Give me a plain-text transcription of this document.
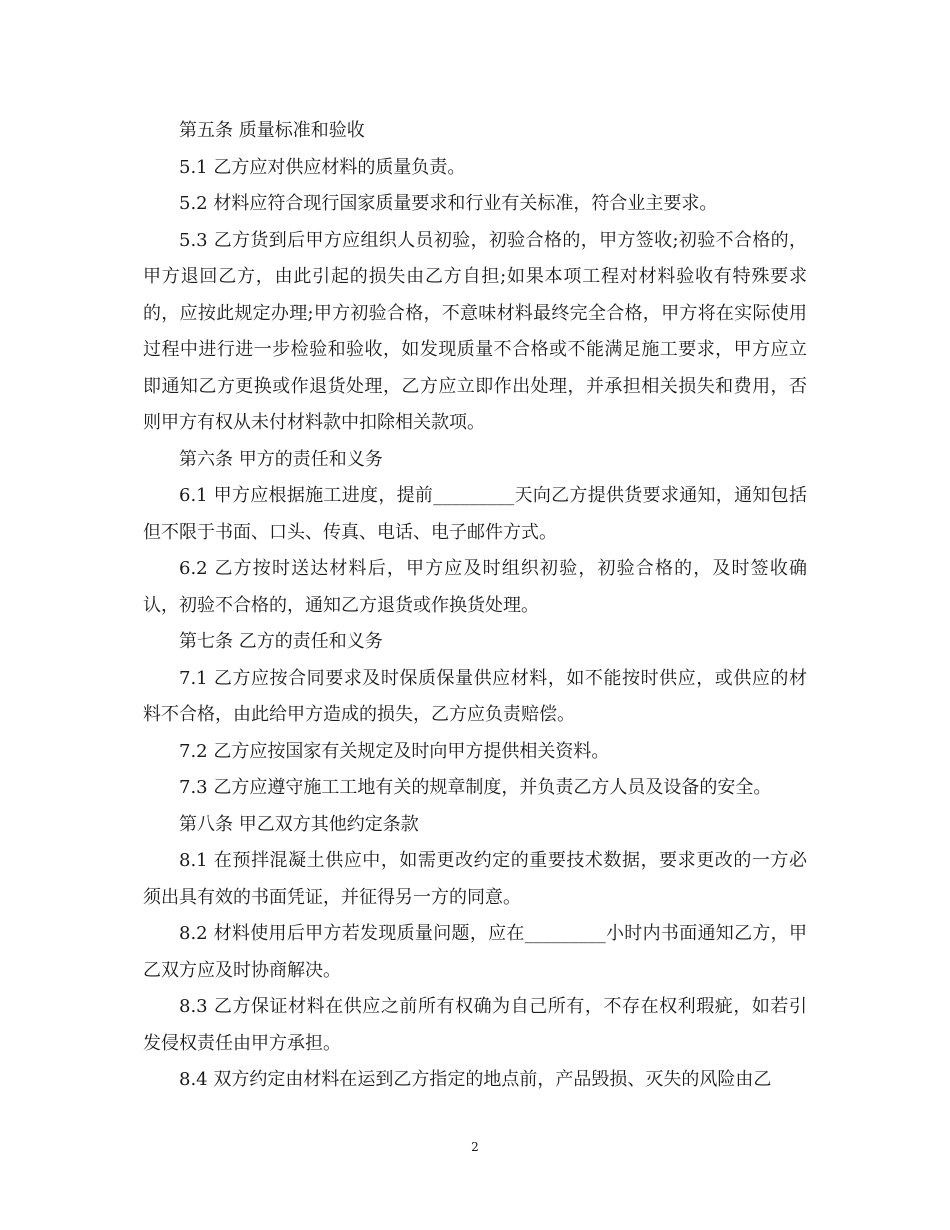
第五条 质量标准和验收

5.1 乙方应对供应材料的质量负责。

5.2 材料应符合现行国家质量要求和行业有关标准，符合业主要求。

5.3 乙方货到后甲方应组织人员初验，初验合格的，甲方签收;初验不合格的，甲方退回乙方，由此引起的损失由乙方自担;如果本项工程对材料验收有特殊要求的，应按此规定办理;甲方初验合格，不意味材料最终完全合格，甲方将在实际使用过程中进行进一步检验和验收，如发现质量不合格或不能满足施工要求，甲方应立即通知乙方更换或作退货处理，乙方应立即作出处理，并承担相关损失和费用，否则甲方有权从未付材料款中扣除相关款项。

第六条 甲方的责任和义务

6.1 甲方应根据施工进度，提前_________天向乙方提供货要求通知，通知包括但不限于书面、口头、传真、电话、电子邮件方式。

6.2 乙方按时送达材料后，甲方应及时组织初验，初验合格的，及时签收确认，初验不合格的，通知乙方退货或作换货处理。

第七条 乙方的责任和义务

7.1 乙方应按合同要求及时保质保量供应材料，如不能按时供应，或供应的材料不合格，由此给甲方造成的损失，乙方应负责赔偿。

7.2 乙方应按国家有关规定及时向甲方提供相关资料。

7.3 乙方应遵守施工工地有关的规章制度，并负责乙方人员及设备的安全。

第八条 甲乙双方其他约定条款

8.1 在预拌混凝土供应中，如需更改约定的重要技术数据，要求更改的一方必须出具有效的书面凭证，并征得另一方的同意。

8.2 材料使用后甲方若发现质量问题，应在_________小时内书面通知乙方，甲乙双方应及时协商解决。

8.3 乙方保证材料在供应之前所有权确为自己所有，不存在权利瑕疵，如若引发侵权责任由甲方承担。

8.4 双方约定由材料在运到乙方指定的地点前，产品毁损、灭失的风险由乙

2
